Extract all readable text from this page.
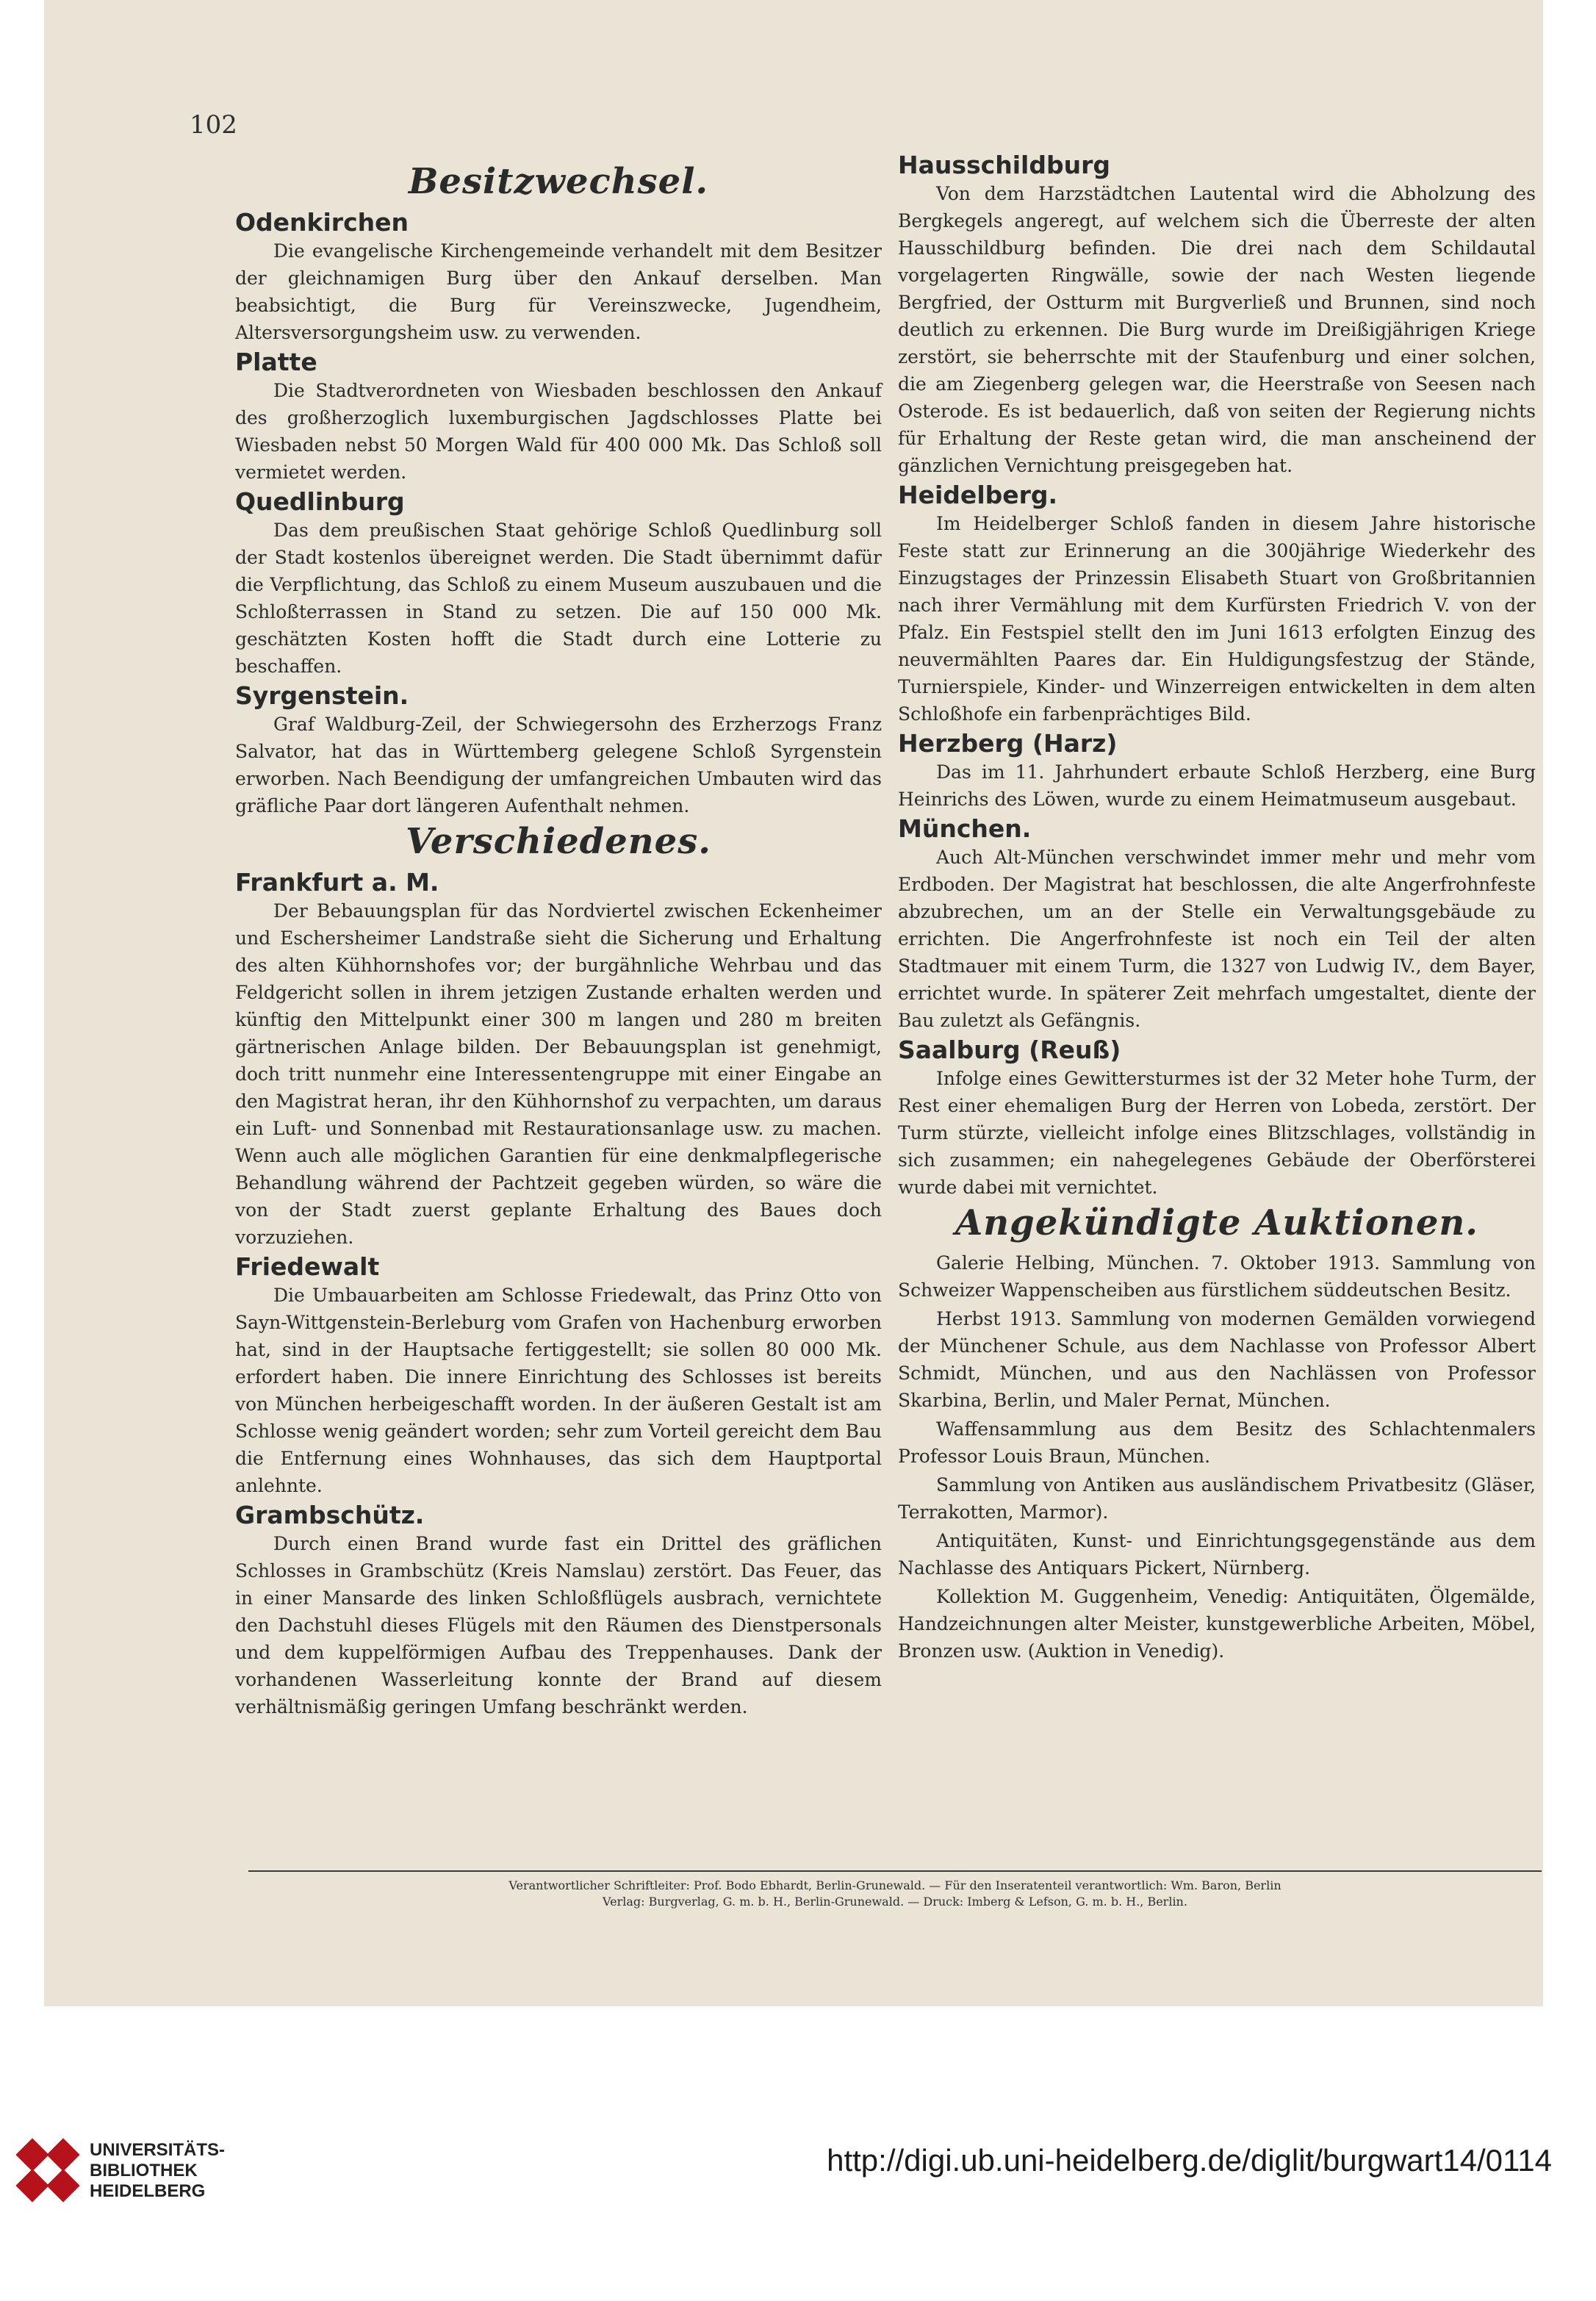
102
Besitzwechsel.
Odenkirchen

Die evangelische Kirchengemeinde verhandelt mit dem Besitzer der gleichnamigen Burg über den Ankauf derselben. Man beabsichtigt, die Burg für Vereinszwecke, Jugendheim, Altersversorgungsheim usw. zu verwenden.

Platte

Die Stadtverordneten von Wiesbaden beschlossen den Ankauf des großherzoglich luxemburgischen Jagdschlosses Platte bei Wiesbaden nebst 50 Morgen Wald für 400 000 Mk. Das Schloß soll vermietet werden.

Quedlinburg

Das dem preußischen Staat gehörige Schloß Quedlinburg soll der Stadt kostenlos übereignet werden. Die Stadt übernimmt dafür die Verpflichtung, das Schloß zu einem Museum auszubauen und die Schloßterrassen in Stand zu setzen. Die auf 150 000 Mk. geschätzten Kosten hofft die Stadt durch eine Lotterie zu beschaffen.

Syrgenstein.

Graf Waldburg-Zeil, der Schwiegersohn des Erzherzogs Franz Salvator, hat das in Württemberg gelegene Schloß Syrgenstein erworben. Nach Beendigung der umfangreichen Umbauten wird das gräfliche Paar dort längeren Aufenthalt nehmen.

Verschiedenes.
Frankfurt a. M.

Der Bebauungsplan für das Nordviertel zwischen Eckenheimer und Eschersheimer Landstraße sieht die Sicherung und Erhaltung des alten Kühhornshofes vor; der burgähnliche Wehrbau und das Feldgericht sollen in ihrem jetzigen Zustande erhalten werden und künftig den Mittelpunkt einer 300 m langen und 280 m breiten gärtnerischen Anlage bilden. Der Bebauungsplan ist genehmigt, doch tritt nunmehr eine Interessentengruppe mit einer Eingabe an den Magistrat heran, ihr den Kühhornshof zu verpachten, um daraus ein Luft- und Sonnenbad mit Restaurationsanlage usw. zu machen. Wenn auch alle möglichen Garantien für eine denkmalpflegerische Behandlung während der Pachtzeit gegeben würden, so wäre die von der Stadt zuerst geplante Erhaltung des Baues doch vorzuziehen.

Friedewalt

Die Umbauarbeiten am Schlosse Friedewalt, das Prinz Otto von Sayn-Wittgenstein-Berleburg vom Grafen von Hachenburg erworben hat, sind in der Hauptsache fertiggestellt; sie sollen 80 000 Mk. erfordert haben. Die innere Einrichtung des Schlosses ist bereits von München herbeigeschafft worden. In der äußeren Gestalt ist am Schlosse wenig geändert worden; sehr zum Vorteil gereicht dem Bau die Entfernung eines Wohnhauses, das sich dem Hauptportal anlehnte.

Grambschütz.

Durch einen Brand wurde fast ein Drittel des gräflichen Schlosses in Grambschütz (Kreis Namslau) zerstört. Das Feuer, das in einer Mansarde des linken Schloßflügels ausbrach, vernichtete den Dachstuhl dieses Flügels mit den Räumen des Dienstpersonals und dem kuppelförmigen Aufbau des Treppenhauses. Dank der vorhandenen Wasserleitung konnte der Brand auf diesem verhältnismäßig geringen Umfang beschränkt werden.

Hausschildburg

Von dem Harzstädtchen Lautental wird die Abholzung des Bergkegels angeregt, auf welchem sich die Überreste der alten Hausschildburg befinden. Die drei nach dem Schildautal vorgelagerten Ringwälle, sowie der nach Westen liegende Bergfried, der Ostturm mit Burgverließ und Brunnen, sind noch deutlich zu erkennen. Die Burg wurde im Dreißigjährigen Kriege zerstört, sie beherrschte mit der Staufenburg und einer solchen, die am Ziegenberg gelegen war, die Heerstraße von Seesen nach Osterode. Es ist bedauerlich, daß von seiten der Regierung nichts für Erhaltung der Reste getan wird, die man anscheinend der gänzlichen Vernichtung preisgegeben hat.

Heidelberg.

Im Heidelberger Schloß fanden in diesem Jahre historische Feste statt zur Erinnerung an die 300jährige Wiederkehr des Einzugstages der Prinzessin Elisabeth Stuart von Großbritannien nach ihrer Vermählung mit dem Kurfürsten Friedrich V. von der Pfalz. Ein Festspiel stellt den im Juni 1613 erfolgten Einzug des neuvermählten Paares dar. Ein Huldigungsfestzug der Stände, Turnierspiele, Kinder- und Winzerreigen entwickelten in dem alten Schloßhofe ein farbenprächtiges Bild.

Herzberg (Harz)

Das im 11. Jahrhundert erbaute Schloß Herzberg, eine Burg Heinrichs des Löwen, wurde zu einem Heimatmuseum ausgebaut.

München.

Auch Alt-München verschwindet immer mehr und mehr vom Erdboden. Der Magistrat hat beschlossen, die alte Angerfrohnfeste abzubrechen, um an der Stelle ein Verwaltungsgebäude zu errichten. Die Angerfrohnfeste ist noch ein Teil der alten Stadtmauer mit einem Turm, die 1327 von Ludwig IV., dem Bayer, errichtet wurde. In späterer Zeit mehrfach umgestaltet, diente der Bau zuletzt als Gefängnis.

Saalburg (Reuß)

Infolge eines Gewittersturmes ist der 32 Meter hohe Turm, der Rest einer ehemaligen Burg der Herren von Lobeda, zerstört. Der Turm stürzte, vielleicht infolge eines Blitzschlages, vollständig in sich zusammen; ein nahegelegenes Gebäude der Oberförsterei wurde dabei mit vernichtet.

Angekündigte Auktionen.

Galerie Helbing, München. 7. Oktober 1913. Sammlung von Schweizer Wappenscheiben aus fürstlichem süddeutschen Besitz.

Herbst 1913. Sammlung von modernen Gemälden vorwiegend der Münchener Schule, aus dem Nachlasse von Professor Albert Schmidt, München, und aus den Nachlässen von Professor Skarbina, Berlin, und Maler Pernat, München.

Waffensammlung aus dem Besitz des Schlachtenmalers Professor Louis Braun, München.

Sammlung von Antiken aus ausländischem Privatbesitz (Gläser, Terrakotten, Marmor).

Antiquitäten, Kunst- und Einrichtungsgegenstände aus dem Nachlasse des Antiquars Pickert, Nürnberg.

Kollektion M. Guggenheim, Venedig: Antiquitäten, Ölgemälde, Handzeichnungen alter Meister, kunstgewerbliche Arbeiten, Möbel, Bronzen usw. (Auktion in Venedig).

Verantwortlicher Schriftleiter: Prof. Bodo Ebhardt, Berlin-Grunewald. — Für den Inseratenteil verantwortlich: Wm. Baron, Berlin
Verlag: Burgverlag, G. m. b. H., Berlin-Grunewald. — Druck: Imberg & Lefson, G. m. b. H., Berlin.
UNIVERSITÄTS-
BIBLIOTHEK
HEIDELBERG
http://digi.ub.uni-heidelberg.de/diglit/burgwart14/0114
